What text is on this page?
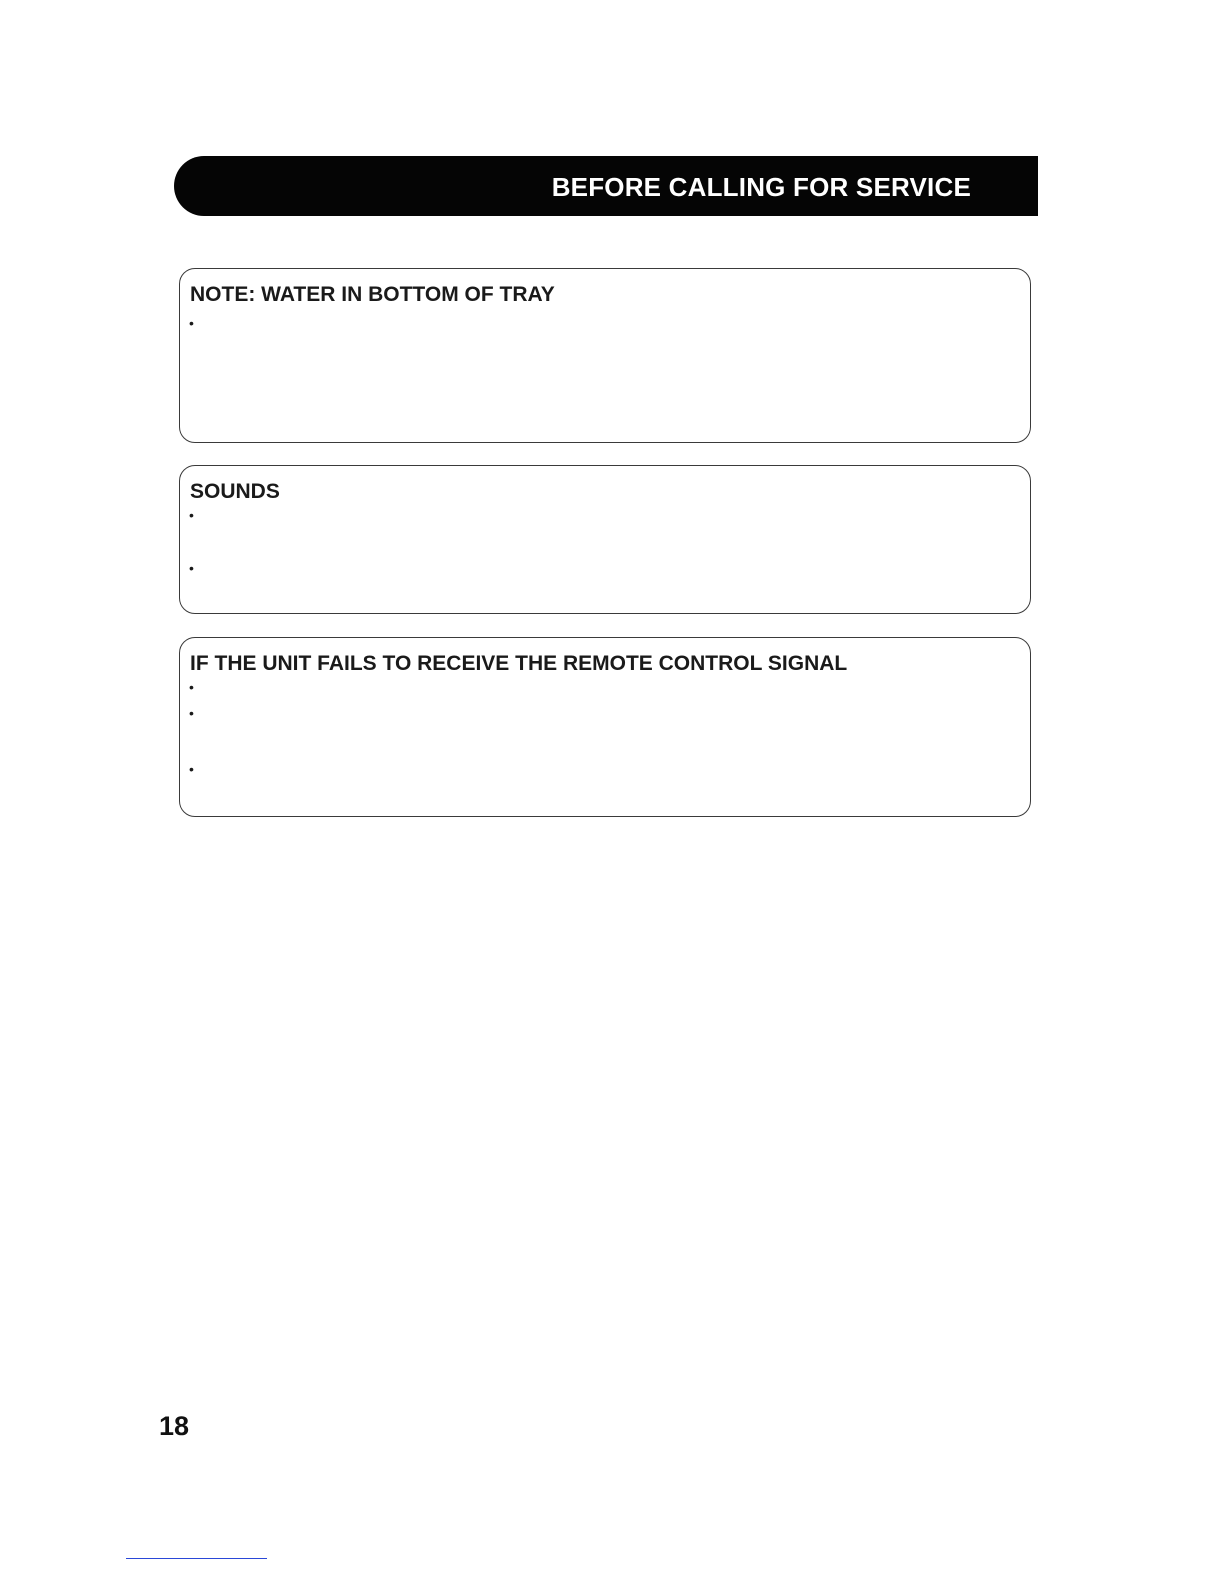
BEFORE CALLING FOR SERVICE
NOTE: WATER IN BOTTOM OF TRAY
•
SOUNDS
•
•
IF THE UNIT FAILS TO RECEIVE THE REMOTE CONTROL SIGNAL
•
•
•
18
